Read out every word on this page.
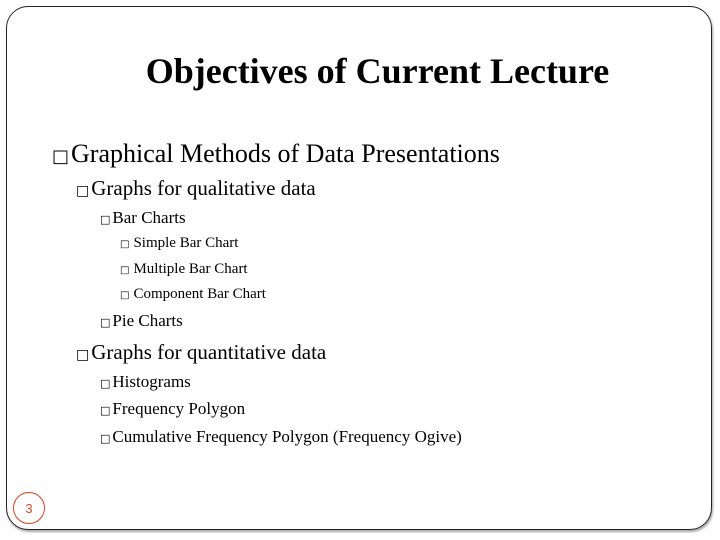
Objectives of Current Lecture
□ Graphical Methods of Data Presentations
□ Graphs for qualitative data
□ Bar Charts
□ Simple Bar Chart
□ Multiple Bar Chart
□ Component Bar Chart
□ Pie Charts
□ Graphs for quantitative data
□ Histograms
□ Frequency Polygon
□ Cumulative Frequency Polygon (Frequency Ogive)
3
